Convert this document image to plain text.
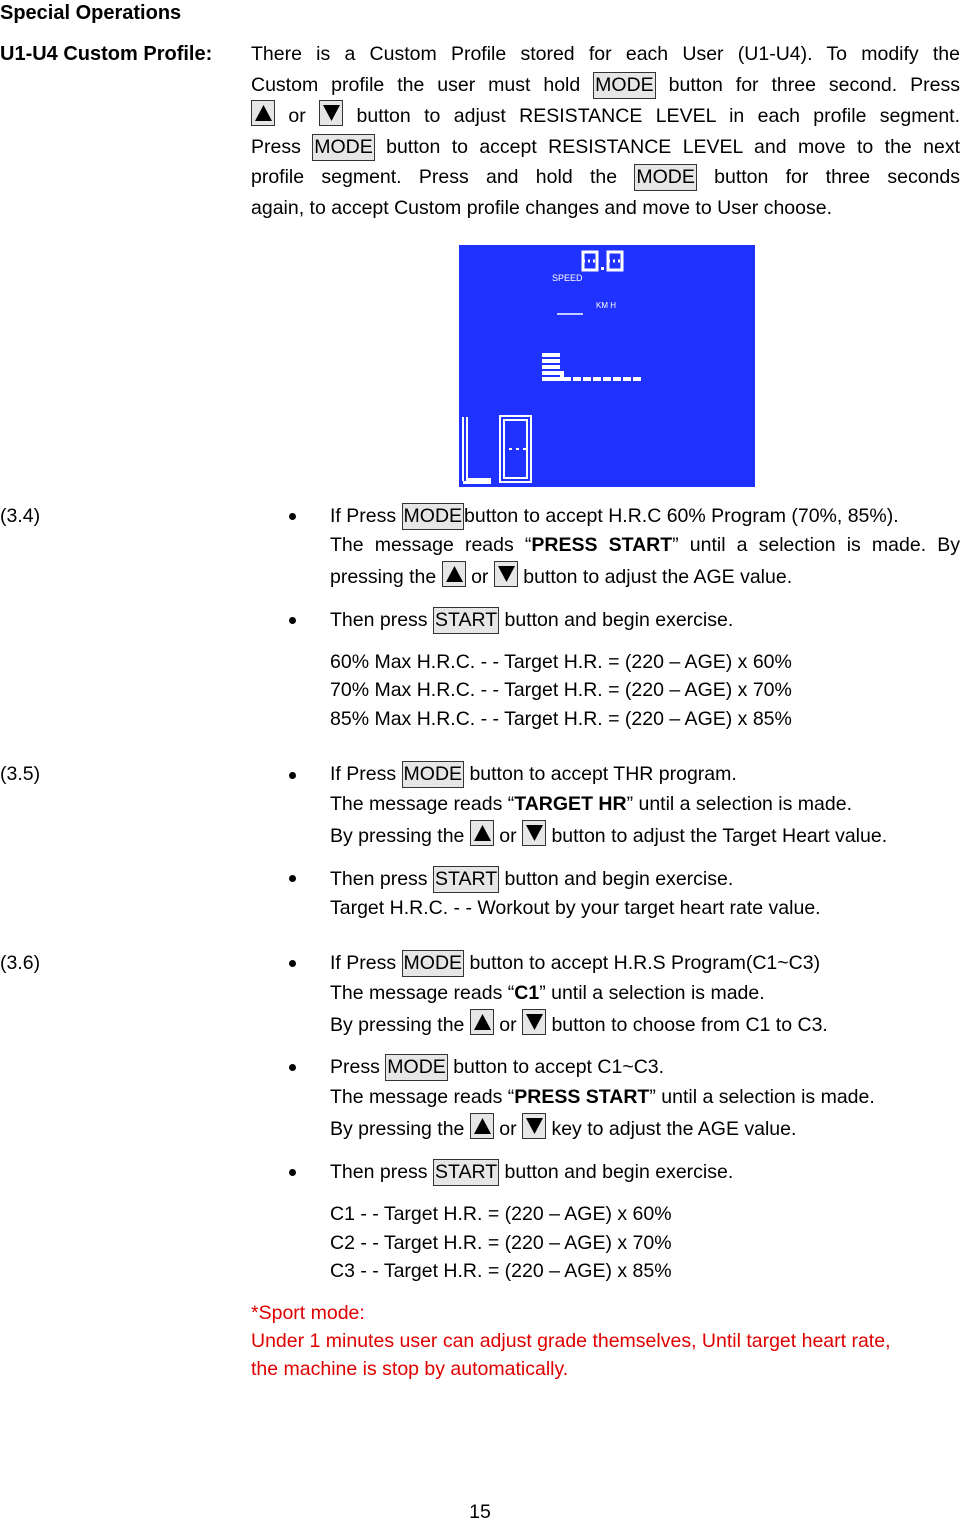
Special Operations
U1-U4 Custom Profile: There is a Custom Profile stored for each User (U1-U4). To modify the
Custom profile the user must hold MODE button for three second. Press
or	button to adjust RESISTANCE LEVEL in each profile segment.
Press MODE button to accept RESISTANCE LEVEL and move to the next
profile segment. Press and hold the MODE button for three seconds
again, to accept Custom profile changes and move to User choose.
SPEED
KM H
(3.4)	If Press MODE button to accept H.R.C 60% Program (70%, 85%).
The message reads “PRESS START” until a selection is made. By
pressing the or button to adjust the AGE value.
Then press START button and begin exercise.
60% Max H.R.C. - - Target H.R. = (220 – AGE) x 60%
70% Max H.R.C. - - Target H.R. = (220 – AGE) x 70%
85% Max H.R.C. - - Target H.R. = (220 – AGE) x 85%
(3.5)	If Press MODE button to accept THR program.
The message reads “TARGET HR” until a selection is made.
By pressing the or button to adjust the Target Heart value.
Then press START button and begin exercise.
Target H.R.C. - - Workout by your target heart rate value.
(3.6)	If Press MODE button to accept H.R.S Program(C1~C3)
The message reads “C1” until a selection is made.
By pressing the or button to choose from C1 to C3.
Press MODE button to accept C1~C3.
The message reads “PRESS START” until a selection is made.
By pressing the or key to adjust the AGE value.
Then press START button and begin exercise.
C1 - - Target H.R. = (220 – AGE) x 60%
C2 - - Target H.R. = (220 – AGE) x 70%
C3 - - Target H.R. = (220 – AGE) x 85%
*Sport mode:
Under 1 minutes user can adjust grade themselves, Until target heart rate,
the machine is stop by automatically.
15
